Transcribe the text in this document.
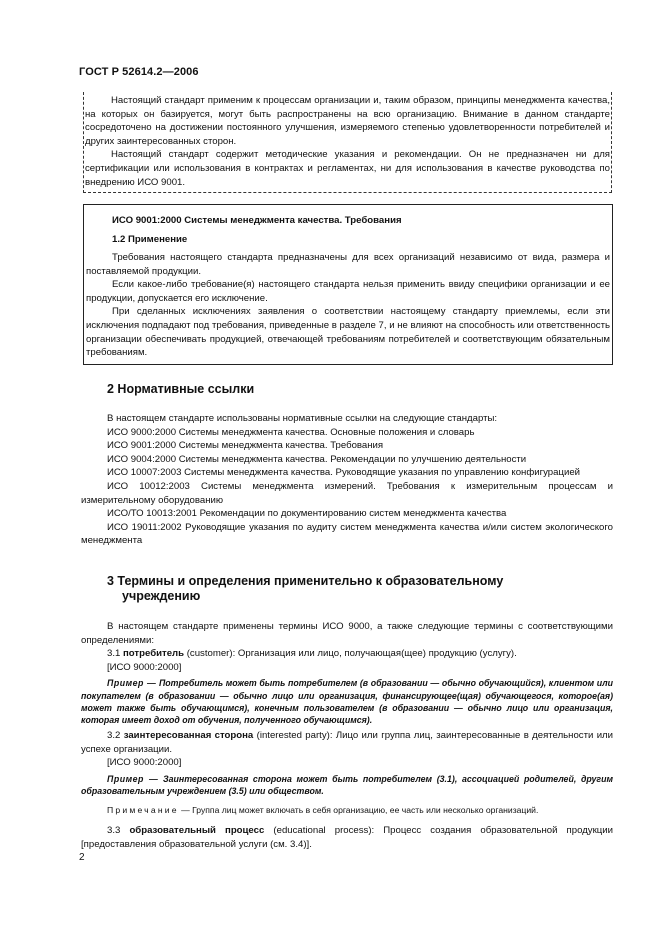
ГОСТ Р 52614.2—2006

Настоящий стандарт применим к процессам организации и, таким образом, принципы менеджмента качества, на которых он базируется, могут быть распространены на всю организацию. Внимание в данном стандарте сосредоточено на достижении постоянного улучшения, измеряемого степенью удовлетворенности потребителей и других заинтересованных сторон.

Настоящий стандарт содержит методические указания и рекомендации. Он не предназначен ни для сертификации или использования в контрактах и регламентах, ни для использования в качестве руководства по внедрению ИСО 9001.

ИСО 9001:2000 Системы менеджмента качества. Требования
1.2 Применение

Требования настоящего стандарта предназначены для всех организаций независимо от вида, размера и поставляемой продукции.

Если какое-либо требование(я) настоящего стандарта нельзя применить ввиду специфики организации и ее продукции, допускается его исключение.

При сделанных исключениях заявления о соответствии настоящему стандарту приемлемы, если эти исключения подпадают под требования, приведенные в разделе 7, и не влияют на способность или ответственность организации обеспечивать продукцией, отвечающей требованиям потребителей и соответствующим обязательным требованиям.

2 Нормативные ссылки

В настоящем стандарте использованы нормативные ссылки на следующие стандарты:

ИСО 9000:2000 Системы менеджмента качества. Основные положения и словарь

ИСО 9001:2000 Системы менеджмента качества. Требования

ИСО 9004:2000 Системы менеджмента качества. Рекомендации по улучшению деятельности

ИСО 10007:2003 Системы менеджмента качества. Руководящие указания по управлению конфигурацией

ИСО 10012:2003 Системы менеджмента измерений. Требования к измерительным процессам и измерительному оборудованию

ИСО/ТО 10013:2001 Рекомендации по документированию систем менеджмента качества

ИСО 19011:2002 Руководящие указания по аудиту систем менеджмента качества и/или систем экологического менеджмента

3 Термины и определения применительно к образовательному
учреждению

В настоящем стандарте применены термины ИСО 9000, а также следующие термины с соответствующими определениями:

3.1 потребитель (customer): Организация или лицо, получающая(щее) продукцию (услугу).

[ИСО 9000:2000]

Пример — Потребитель может быть потребителем (в образовании — обычно обучающийся), клиентом или покупателем (в образовании — обычно лицо или организация, финансирующее(щая) обучающегося, которое(ая) может также быть обучающимся), конечным пользователем (в образовании — обычно лицо или организация, которая имеет доход от обучения, полученного обучающимся).

3.2 заинтересованная сторона (interested party): Лицо или группа лиц, заинтересованные в деятельности или успехе организации.

[ИСО 9000:2000]

Пример — Заинтересованная сторона может быть потребителем (3.1), ассоциацией родителей, другим образовательным учреждением (3.5) или обществом.

Примечание — Группа лиц может включать в себя организацию, ее часть или несколько организаций.

3.3 образовательный процесс (educational process): Процесс создания образовательной продукции [предоставления образовательной услуги (см. 3.4)].

2
